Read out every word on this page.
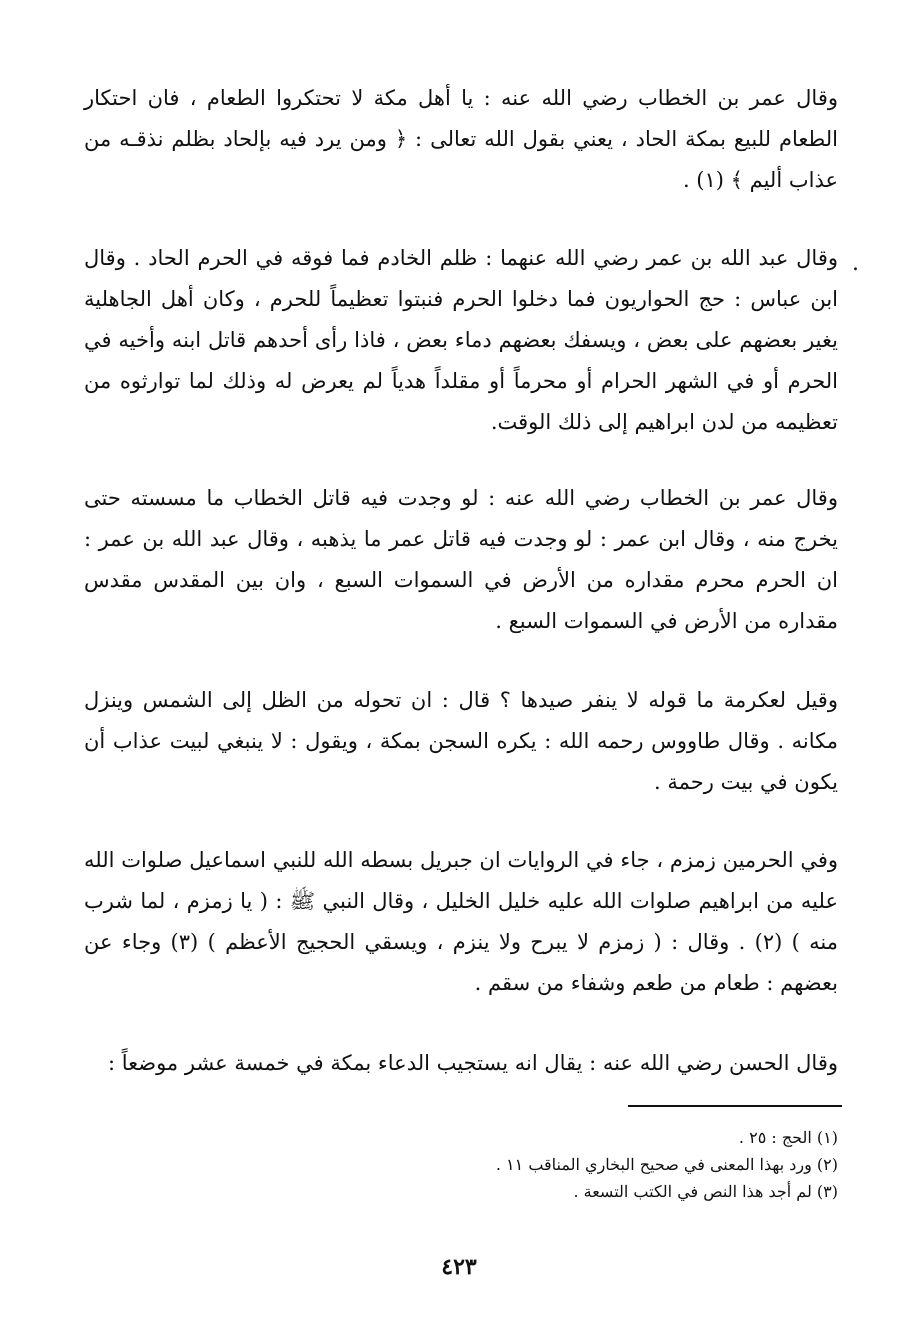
.

وقال عمر بن الخطاب رضي الله عنه : يا أهل مكة لا تحتكروا الطعام ، فان احتكار الطعام للبيع بمكة الحاد ، يعني بقول الله تعالى : ﴿ ومن يرد فيه بإلحاد بظلم نذقـه من عذاب أليم ﴾ (١) .

وقال عبد الله بن عمر رضي الله عنهما : ظلم الخادم فما فوقه في الحرم الحاد . وقال ابن عباس : حج الحواريون فما دخلوا الحرم فنبتوا تعظيماً للحرم ، وكان أهل الجاهلية يغير بعضهم على بعض ، ويسفك بعضهم دماء بعض ، فاذا رأى أحدهم قاتل ابنه وأخيه في الحرم أو في الشهر الحرام أو محرماً أو مقلداً هدياً لم يعرض له وذلك لما توارثوه من تعظيمه من لدن ابراهيم إلى ذلك الوقت.

وقال عمر بن الخطاب رضي الله عنه : لو وجدت فيه قاتل الخطاب ما مسسته حتى يخرج منه ، وقال ابن عمر : لو وجدت فيه قاتل عمر ما يذهبه ، وقال عبد الله بن عمر : ان الحرم محرم مقداره من الأرض في السموات السبع ، وان بين المقدس مقدس مقداره من الأرض في السموات السبع .

وقيل لعكرمة ما قوله لا ينفر صيدها ؟ قال : ان تحوله من الظل إلى الشمس وينزل مكانه . وقال طاووس رحمه الله : يكره السجن بمكة ، ويقول : لا ينبغي لبيت عذاب أن يكون في بيت رحمة .

وفي الحرمين زمزم ، جاء في الروايات ان جبريل بسطه الله للنبي اسماعيل صلوات الله عليه من ابراهيم صلوات الله عليه خليل الخليل ، وقال النبي ﷺ : ( يا زمزم ، لما شرب منه ) (٢) . وقال : ( زمزم لا يبرح ولا ينزم ، ويسقي الحجيج الأعظم ) (٣) وجاء عن بعضهم : طعام من طعم وشفاء من سقم .

وقال الحسن رضي الله عنه : يقال انه يستجيب الدعاء بمكة في خمسة عشر موضعاً :

(١) الحج : ٢٥ .
(٢) ورد بهذا المعنى في صحيح البخاري المناقب ١١ .
(٣) لم أجد هذا النص في الكتب التسعة .
٤٢٣
